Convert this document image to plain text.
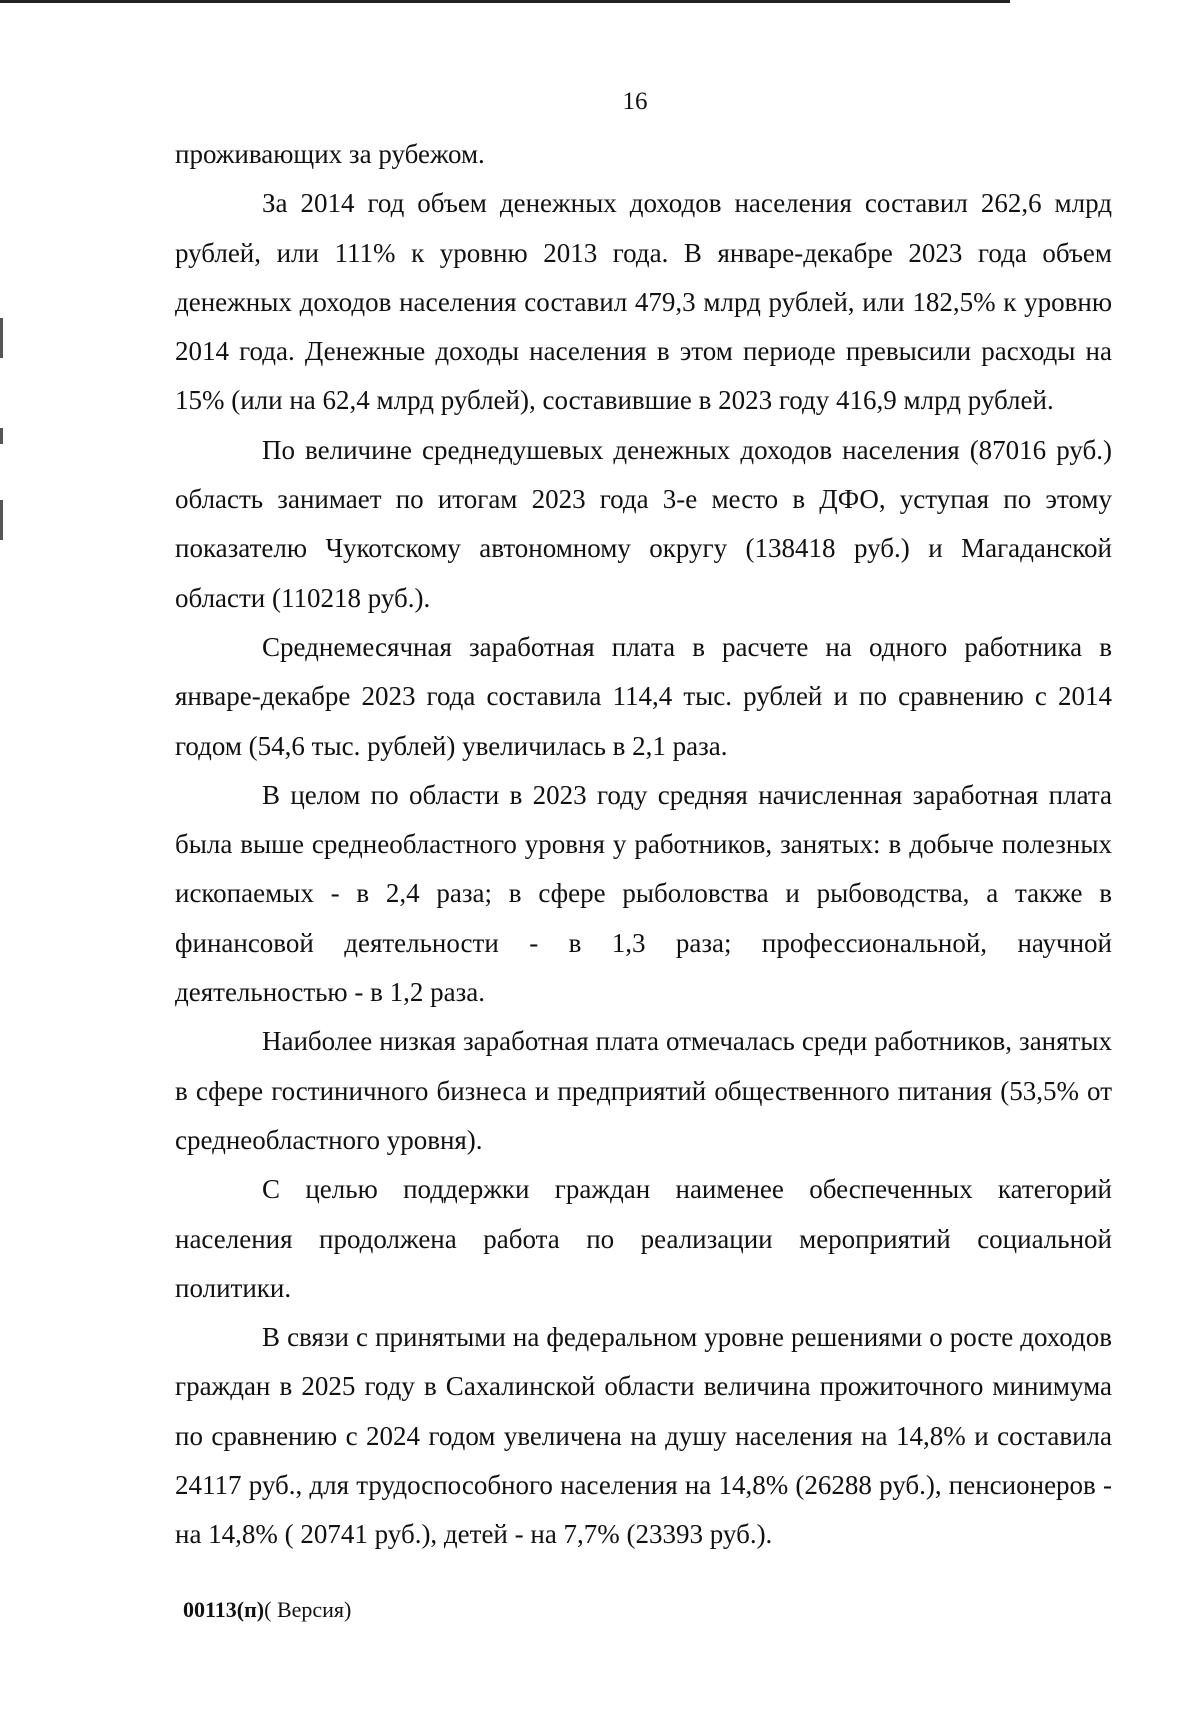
16

проживающих за рубежом.

За 2014 год объем денежных доходов населения составил 262,6 млрд рублей, или 111% к уровню 2013 года. В январе-декабре 2023 года объем денежных доходов населения составил 479,3 млрд рублей, или 182,5% к уровню 2014 года. Денежные доходы населения в этом периоде превысили расходы на 15% (или на 62,4 млрд рублей), составившие в 2023 году 416,9 млрд рублей.

По величине среднедушевых денежных доходов населения (87016 руб.) область занимает по итогам 2023 года 3-е место в ДФО, уступая по этому показателю Чукотскому автономному округу (138418 руб.) и Магаданской области (110218 руб.).

Среднемесячная заработная плата в расчете на одного работника в январе-декабре 2023 года составила 114,4 тыс. рублей и по сравнению с 2014 годом (54,6 тыс. рублей) увеличилась в 2,1 раза.

В целом по области в 2023 году средняя начисленная заработная плата была выше среднеобластного уровня у работников, занятых: в добыче полезных ископаемых - в 2,4 раза; в сфере рыболовства и рыбоводства, а также в финансовой деятельности - в 1,3 раза; профессиональной, научной деятельностью - в 1,2 раза.

Наиболее низкая заработная плата отмечалась среди работников, занятых в сфере гостиничного бизнеса и предприятий общественного питания (53,5% от среднеобластного уровня).

С целью поддержки граждан наименее обеспеченных категорий населения продолжена работа по реализации мероприятий социальной политики.

В связи с принятыми на федеральном уровне решениями о росте доходов граждан в 2025 году в Сахалинской области величина прожиточного минимума по сравнению с 2024 годом увеличена на душу населения на 14,8% и составила 24117 руб., для трудоспособного населения на 14,8% (26288 руб.), пенсионеров - на 14,8% ( 20741 руб.), детей - на 7,7% (23393 руб.).

00113(п)( Версия)
